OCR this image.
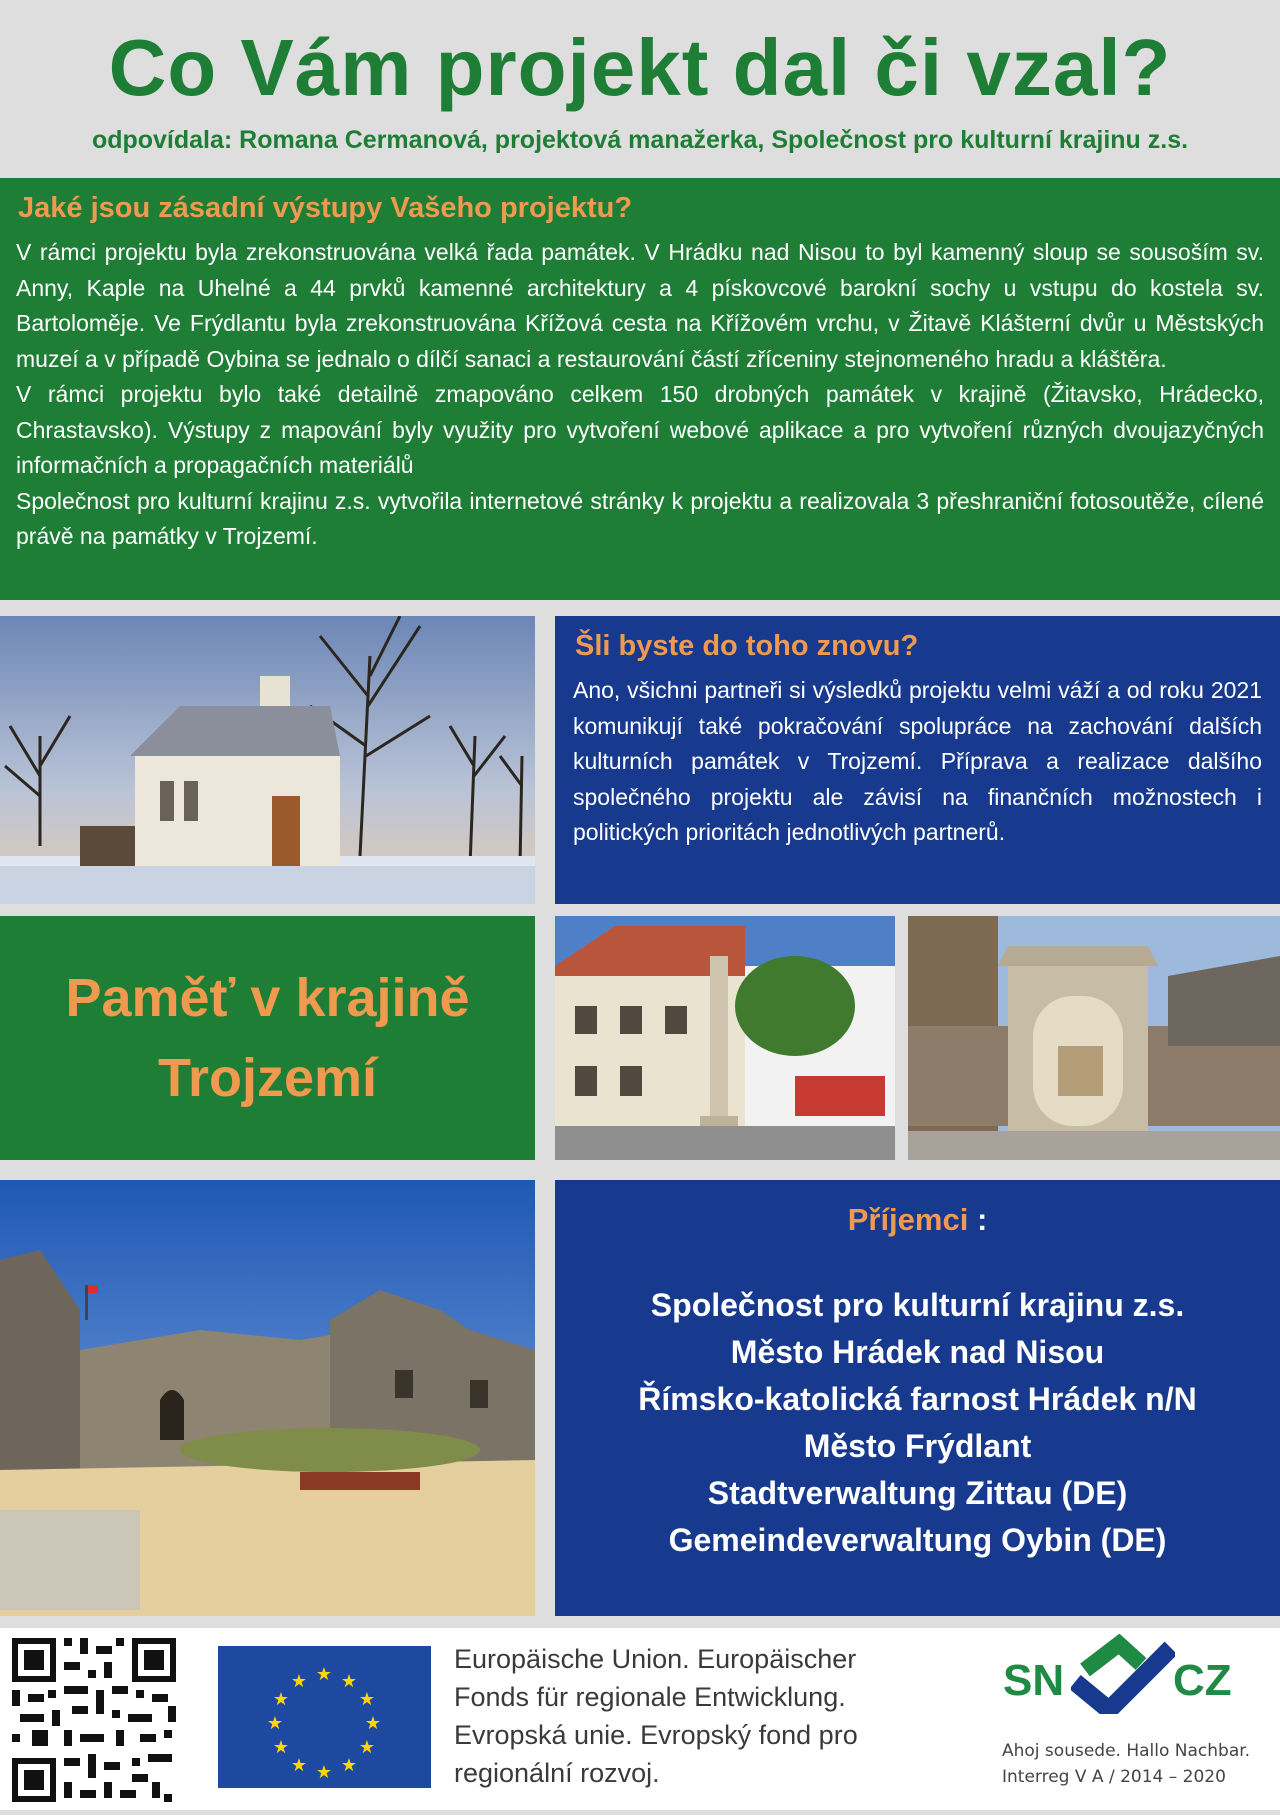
Co Vám projekt dal či vzal?
odpovídala: Romana Cermanová, projektová manažerka, Společnost pro kulturní krajinu z.s.
Jaké jsou zásadní výstupy Vašeho projektu?

V rámci projektu byla zrekonstruována velká řada památek. V Hrádku nad Nisou to byl kamenný sloup se sousoším sv. Anny, Kaple na Uhelné a 44 prvků kamenné architektury a 4 pískovcové barokní sochy u vstupu do kostela sv. Bartoloměje. Ve Frýdlantu byla zrekonstruována Křížová cesta na Křížovém vrchu, v Žitavě Klášterní dvůr u Městských muzeí a v případě Oybina se jednalo o dílčí sanaci a restaurování částí zříceniny stejnomeného hradu a kláštěra.

V rámci projektu bylo také detailně zmapováno celkem 150 drobných památek v krajině (Žitavsko, Hrádecko, Chrastavsko). Výstupy z mapování byly využity pro vytvoření webové aplikace a pro vytvoření různých dvoujazyčných informačních a propagačních materiálů

Společnost pro kulturní krajinu z.s. vytvořila internetové stránky k projektu a realizovala 3 přeshraniční fotosoutěže, cílené právě na památky v Trojzemí.

Šli byste do toho znovu?

Ano, všichni partneři si výsledků projektu velmi váží a od roku 2021 komunikují také pokračování spolupráce na zachování dalších kulturních památek v Trojzemí. Příprava a realizace dalšího společného projektu ale závisí na finančních možnostech i politických prioritách jednotlivých partnerů.

Paměť v krajině
Trojzemí
Příjemci :
Společnost pro kulturní krajinu z.s.
Město Hrádek nad Nisou
Římsko-katolická farnost Hrádek n/N
Město Frýdlant
Stadtverwaltung Zittau (DE)
Gemeindeverwaltung Oybin (DE)
★ ★
★
★
★
★
★
★
★
★
★
★
Europäische Union. Europäischer
Fonds für regionale Entwicklung.
Evropská unie. Evropský fond pro
regionální rozvoj.
SN CZ
Ahoj sousede. Hallo Nachbar.
Interreg V A / 2014 – 2020
